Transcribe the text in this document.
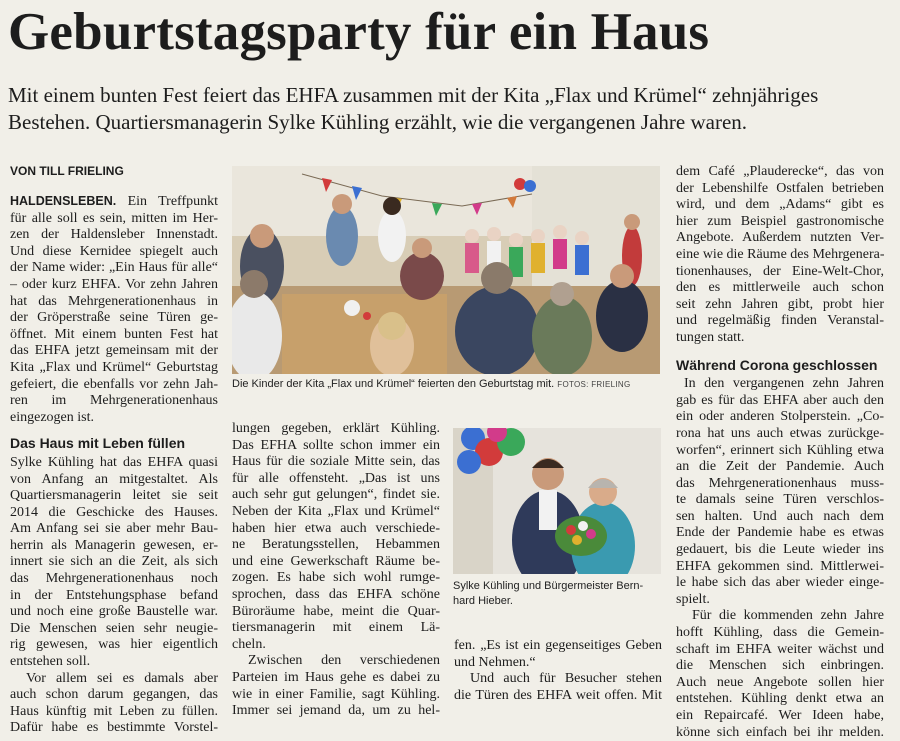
Geburtstagsparty für ein Haus
Mit einem bunten Fest feiert das EHFA zusammen mit der Kita „Flax und Krümel“ zehnjähriges
Bestehen. Quartiersmanagerin Sylke Kühling erzählt, wie die vergangenen Jahre waren.
VON TILL FRIELING
HALDENSLEBEN. Ein Treffpunkt
für alle soll es sein, mitten im Her-
zen der Haldensleber Innenstadt.
Und diese Kernidee spiegelt auch
der Name wider: „Ein Haus für alle“
– oder kurz EHFA. Vor zehn Jahren
hat das Mehrgenerationenhaus in
der Gröperstraße seine Türen ge-
öffnet. Mit einem bunten Fest hat
das EHFA jetzt gemeinsam mit der
Kita „Flax und Krümel“ Geburtstag
gefeiert, die ebenfalls vor zehn Jah-
ren im Mehrgenerationenhaus
eingezogen ist.
Das Haus mit Leben füllen
Sylke Kühling hat das EHFA quasi
von Anfang an mitgestaltet. Als
Quartiersmanagerin leitet sie seit
2014 die Geschicke des Hauses.
Am Anfang sei sie aber mehr Bau-
herrin als Managerin gewesen, er-
innert sie sich an die Zeit, als sich
das Mehrgenerationenhaus noch
in der Entstehungsphase befand
und noch eine große Baustelle war.
Die Menschen seien sehr neugie-
rig gewesen, was hier eigentlich
entstehen soll.
Vor allem sei es damals aber
auch schon darum gegangen, das
Haus künftig mit Leben zu füllen.
Dafür habe es bestimmte Vorstel-
Die Kinder der Kita „Flax und Krümel“ feierten den Geburtstag mit. FOTOS: FRIELING
lungen gegeben, erklärt Kühling.
Das EFHA sollte schon immer ein
Haus für die soziale Mitte sein, das
für alle offensteht. „Das ist uns
auch sehr gut gelungen“, findet sie.
Neben der Kita „Flax und Krümel“
haben hier etwa auch verschiede-
ne Beratungsstellen, Hebammen
und eine Gewerkschaft Räume be-
zogen. Es habe sich wohl rumge-
sprochen, dass das EHFA schöne
Büroräume habe, meint die Quar-
tiersmanagerin mit einem Lä-
cheln.
Zwischen den verschiedenen
Parteien im Haus gehe es dabei zu
wie in einer Familie, sagt Kühling.
Immer sei jemand da, um zu hel-
Sylke Kühling und Bürgermeister Bern-
hard Hieber.
fen. „Es ist ein gegenseitiges Geben
und Nehmen.“
Und auch für Besucher stehen
die Türen des EHFA weit offen. Mit
dem Café „Plauderecke“, das von
der Lebenshilfe Ostfalen betrieben
wird, und dem „Adams“ gibt es
hier zum Beispiel gastronomische
Angebote. Außerdem nutzten Ver-
eine wie die Räume des Mehrgenera-
tionenhauses, der Eine-Welt-Chor,
den es mittlerweile auch schon
seit zehn Jahren gibt, probt hier
und regelmäßig finden Veranstal-
tungen statt.
Während Corona geschlossen
In den vergangenen zehn Jahren
gab es für das EHFA aber auch den
ein oder anderen Stolperstein. „Co-
rona hat uns auch etwas zurückge-
worfen“, erinnert sich Kühling etwa
an die Zeit der Pandemie. Auch
das Mehrgenerationenhaus muss-
te damals seine Türen verschlos-
sen halten. Und auch nach dem
Ende der Pandemie habe es etwas
gedauert, bis die Leute wieder ins
EHFA gekommen sind. Mittlerwei-
le habe sich das aber wieder einge-
spielt.
Für die kommenden zehn Jahre
hofft Kühling, dass die Gemein-
schaft im EHFA weiter wächst und
die Menschen sich einbringen.
Auch neue Angebote sollen hier
entstehen. Kühling denkt etwa an
ein Repaircafé. Wer Ideen habe,
könne sich einfach bei ihr melden.
